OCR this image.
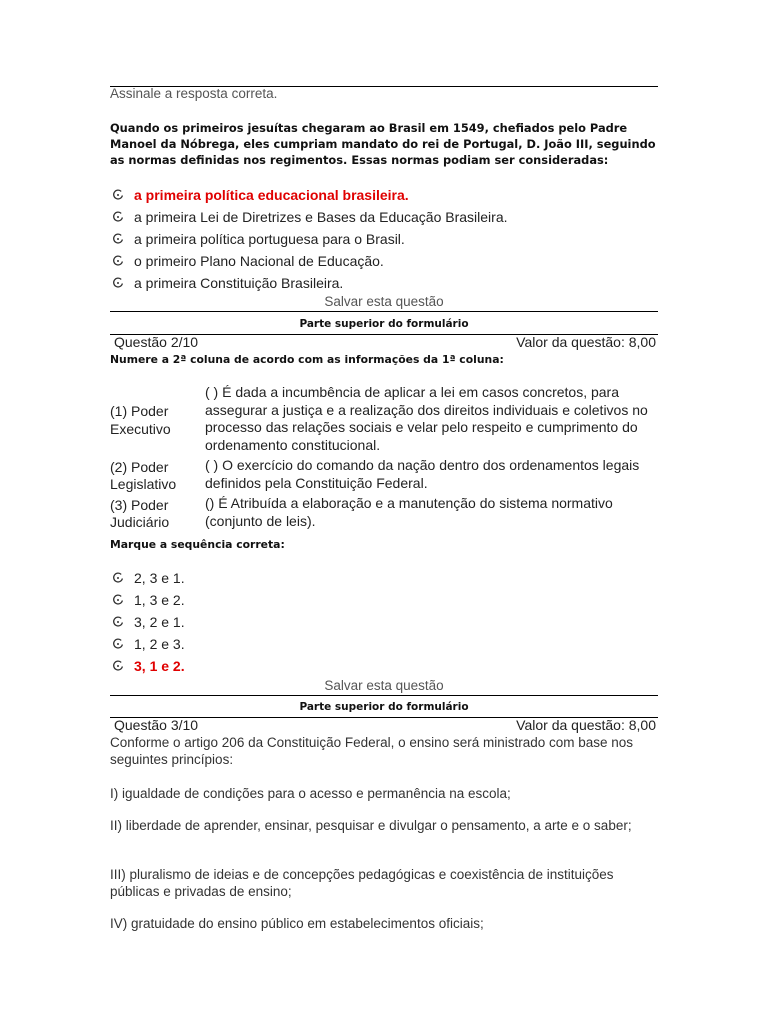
Assinale a resposta correta.
Quando os primeiros jesuítas chegaram ao Brasil em 1549, chefiados pelo Padre Manoel da Nóbrega, eles cumpriam mandato do rei de Portugal, D. João III, seguindo as normas definidas nos regimentos. Essas normas podiam ser consideradas:
a primeira política educacional brasileira.
a primeira Lei de Diretrizes e Bases da Educação Brasileira.
a primeira política portuguesa para o Brasil.
o primeiro Plano Nacional de Educação.
a primeira Constituição Brasileira.
Salvar esta questão
Parte superior do formulário
Questão 2/10	Valor da questão: 8,00
Numere a 2ª coluna de acordo com as informações da 1ª coluna:
(1) Poder Executivo	( ) É dada a incumbência de aplicar a lei em casos concretos, para assegurar a justiça e a realização dos direitos individuais e coletivos no processo das relações sociais e velar pelo respeito e cumprimento do ordenamento constitucional.
(2) Poder Legislativo	( ) O exercício do comando da nação dentro dos ordenamentos legais definidos pela Constituição Federal.
(3) Poder Judiciário	() É Atribuída a elaboração e a manutenção do sistema normativo (conjunto de leis).
Marque a sequência correta:
2, 3 e 1.
1, 3 e 2.
3, 2 e 1.
1, 2 e 3.
3, 1 e 2.
Salvar esta questão
Parte superior do formulário
Questão 3/10	Valor da questão: 8,00
Conforme o artigo 206 da Constituição Federal, o ensino será ministrado com base nos seguintes princípios:
I) igualdade de condições para o acesso e permanência na escola;
II) liberdade de aprender, ensinar, pesquisar e divulgar o pensamento, a arte e o saber;
III) pluralismo de ideias e de concepções pedagógicas e coexistência de instituições públicas e privadas de ensino;
IV) gratuidade do ensino público em estabelecimentos oficiais;
